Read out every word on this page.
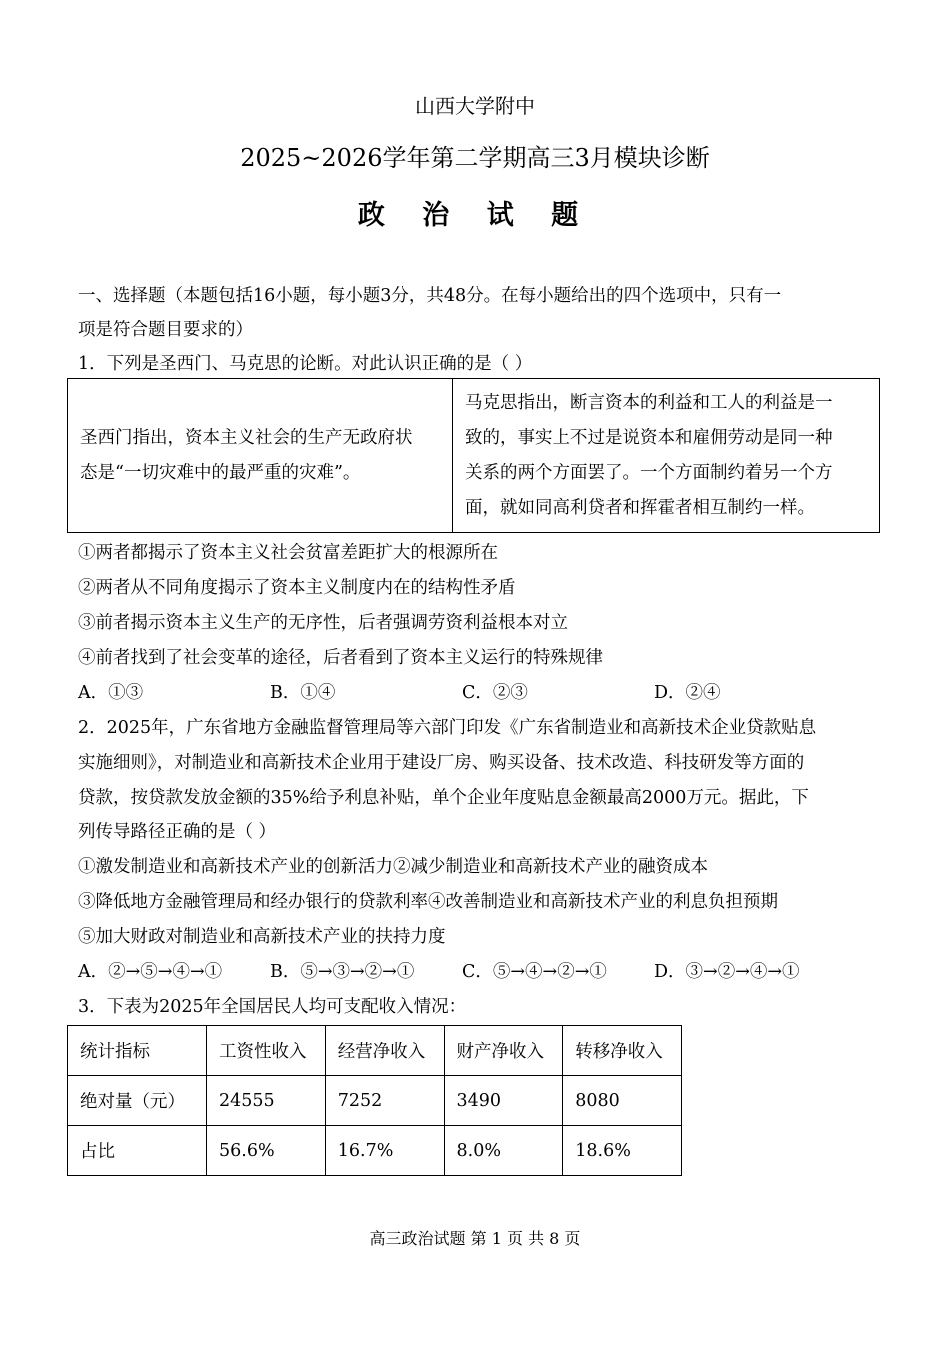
山西大学附中
2025~2026学年第二学期高三3月模块诊断
政 治 试 题
一、选择题（本题包括16小题，每小题3分，共48分。在每小题给出的四个选项中，只有一
项是符合题目要求的）
1．下列是圣西门、马克思的论断。对此认识正确的是（ ）
圣西门指出，资本主义社会的生产无政府状
态是“一切灾难中的最严重的灾难”。

马克思指出，断言资本的利益和工人的利益是一
致的，事实上不过是说资本和雇佣劳动是同一种
关系的两个方面罢了。一个方面制约着另一个方
面，就如同高利贷者和挥霍者相互制约一样。
①两者都揭示了资本主义社会贫富差距扩大的根源所在
②两者从不同角度揭示了资本主义制度内在的结构性矛盾
③前者揭示资本主义生产的无序性，后者强调劳资利益根本对立
④前者找到了社会变革的途径，后者看到了资本主义运行的特殊规律
A．①③	B．①④	C．②③	D．②④
2．2025年，广东省地方金融监督管理局等六部门印发《广东省制造业和高新技术企业贷款贴息
实施细则》，对制造业和高新技术企业用于建设厂房、购买设备、技术改造、科技研发等方面的
贷款，按贷款发放金额的35%给予利息补贴，单个企业年度贴息金额最高2000万元。据此，下
列传导路径正确的是（ ）
①激发制造业和高新技术产业的创新活力②减少制造业和高新技术产业的融资成本
③降低地方金融管理局和经办银行的贷款利率④改善制造业和高新技术产业的利息负担预期
⑤加大财政对制造业和高新技术产业的扶持力度
A．②→⑤→④→①	B．⑤→③→②→①	C．⑤→④→②→①	D．③→②→④→①
3．下表为2025年全国居民人均可支配收入情况：
统计指标	工资性收入	经营净收入	财产净收入	转移净收入
绝对量（元）	24555	7252	3490	8080
占比	56.6%	16.7%	8.0%	18.6%
高三政治试题 第 1 页 共 8 页
